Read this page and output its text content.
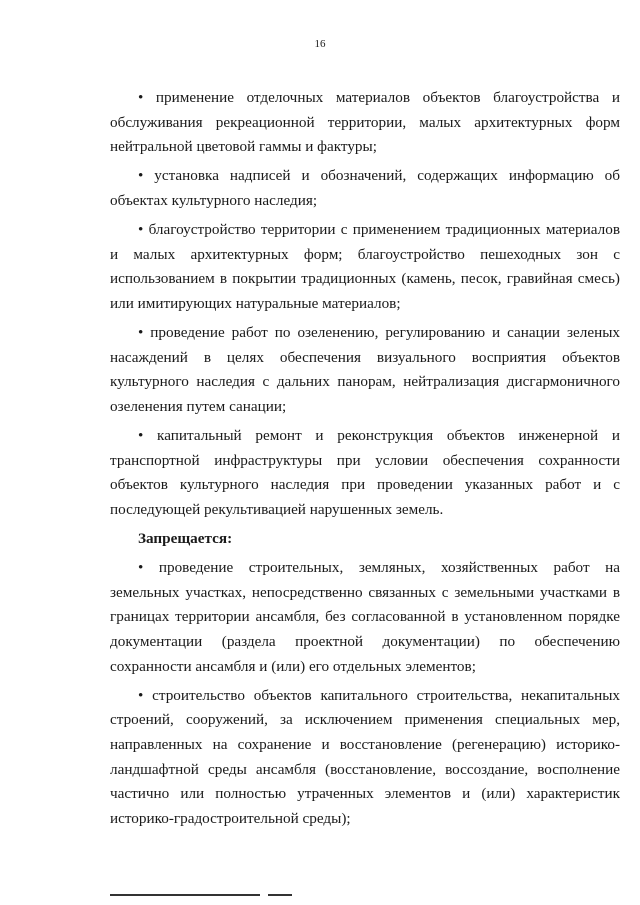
16

• применение отделочных материалов объектов благоустройства и обслуживания рекреационной территории, малых архитектурных форм нейтральной цветовой гаммы и фактуры;

• установка надписей и обозначений, содержащих информацию об объектах культурного наследия;

• благоустройство территории с применением традиционных материалов и малых архитектурных форм; благоустройство пешеходных зон с использованием в покрытии традиционных (камень, песок, гравийная смесь) или имитирующих натуральные материалов;

• проведение работ по озеленению, регулированию и санации зеленых насаждений в целях обеспечения визуального восприятия объектов культурного наследия с дальних панорам, нейтрализация дисгармоничного озеленения путем санации;

• капитальный ремонт и реконструкция объектов инженерной и транспортной инфраструктуры при условии обеспечения сохранности объектов культурного наследия при проведении указанных работ и с последующей рекультивацией нарушенных земель.

Запрещается:

• проведение строительных, земляных, хозяйственных работ на земельных участках, непосредственно связанных с земельными участками в границах территории ансамбля, без согласованной в установленном порядке документации (раздела проектной документации) по обеспечению сохранности ансамбля и (или) его отдельных элементов;

• строительство объектов капитального строительства, некапитальных строений, сооружений, за исключением применения специальных мер, направленных на сохранение и восстановление (регенерацию) историко-ландшафтной среды ансамбля (восстановление, воссоздание, восполнение частично или полностью утраченных элементов и (или) характеристик историко-градостроительной среды);
